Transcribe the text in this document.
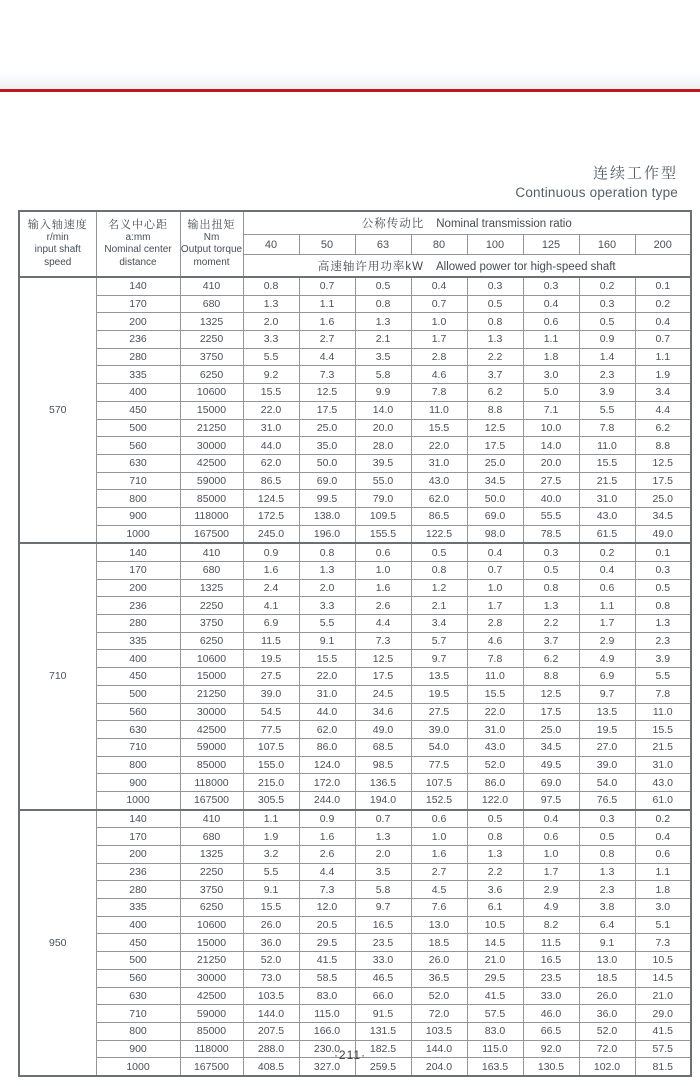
连续工作型
Continuous operation type
输入轴速度
r/min
input shaft
speed

名义中心距
a:mm
Nominal center
distance

输出扭矩
Nm
Output torque
moment
	公称传动比 Nominal transmission ratio
			40	50	63	80	100	125	160	200
			高速轴许用功率kW Allowed power tor high-speed shaft							
570	140	410	0.8	0.7	0.5	0.4	0.3	0.3	0.2	0.1
	170	680	1.3	1.1	0.8	0.7	0.5	0.4	0.3	0.2
	200	1325	2.0	1.6	1.3	1.0	0.8	0.6	0.5	0.4
	236	2250	3.3	2.7	2.1	1.7	1.3	1.1	0.9	0.7
	280	3750	5.5	4.4	3.5	2.8	2.2	1.8	1.4	1.1
	335	6250	9.2	7.3	5.8	4.6	3.7	3.0	2.3	1.9
	400	10600	15.5	12.5	9.9	7.8	6.2	5.0	3.9	3.4
	450	15000	22.0	17.5	14.0	11.0	8.8	7.1	5.5	4.4
	500	21250	31.0	25.0	20.0	15.5	12.5	10.0	7.8	6.2
	560	30000	44.0	35.0	28.0	22.0	17.5	14.0	11.0	8.8
	630	42500	62.0	50.0	39.5	31.0	25.0	20.0	15.5	12.5
	710	59000	86.5	69.0	55.0	43.0	34.5	27.5	21.5	17.5
	800	85000	124.5	99.5	79.0	62.0	50.0	40.0	31.0	25.0
	900	118000	172.5	138.0	109.5	86.5	69.0	55.5	43.0	34.5
	1000	167500	245.0	196.0	155.5	122.5	98.0	78.5	61.5	49.0
710	140	410	0.9	0.8	0.6	0.5	0.4	0.3	0.2	0.1
	170	680	1.6	1.3	1.0	0.8	0.7	0.5	0.4	0.3
	200	1325	2.4	2.0	1.6	1.2	1.0	0.8	0.6	0.5
	236	2250	4.1	3.3	2.6	2.1	1.7	1.3	1.1	0.8
	280	3750	6.9	5.5	4.4	3.4	2.8	2.2	1.7	1.3
	335	6250	11.5	9.1	7.3	5.7	4.6	3.7	2.9	2.3
	400	10600	19.5	15.5	12.5	9.7	7.8	6.2	4.9	3.9
	450	15000	27.5	22.0	17.5	13.5	11.0	8.8	6.9	5.5
	500	21250	39.0	31.0	24.5	19.5	15.5	12.5	9.7	7.8
	560	30000	54.5	44.0	34.6	27.5	22.0	17.5	13.5	11.0
	630	42500	77.5	62.0	49.0	39.0	31.0	25.0	19.5	15.5
	710	59000	107.5	86.0	68.5	54.0	43.0	34.5	27.0	21.5
	800	85000	155.0	124.0	98.5	77.5	52.0	49.5	39.0	31.0
	900	118000	215.0	172.0	136.5	107.5	86.0	69.0	54.0	43.0
	1000	167500	305.5	244.0	194.0	152.5	122.0	97.5	76.5	61.0
950	140	410	1.1	0.9	0.7	0.6	0.5	0.4	0.3	0.2
	170	680	1.9	1.6	1.3	1.0	0.8	0.6	0.5	0.4
	200	1325	3.2	2.6	2.0	1.6	1.3	1.0	0.8	0.6
	236	2250	5.5	4.4	3.5	2.7	2.2	1.7	1.3	1.1
	280	3750	9.1	7.3	5.8	4.5	3.6	2.9	2.3	1.8
	335	6250	15.5	12.0	9.7	7.6	6.1	4.9	3.8	3.0
	400	10600	26.0	20.5	16.5	13.0	10.5	8.2	6.4	5.1
	450	15000	36.0	29.5	23.5	18.5	14.5	11.5	9.1	7.3
	500	21250	52.0	41.5	33.0	26.0	21.0	16.5	13.0	10.5
	560	30000	73.0	58.5	46.5	36.5	29.5	23.5	18.5	14.5
	630	42500	103.5	83.0	66.0	52.0	41.5	33.0	26.0	21.0
	710	59000	144.0	115.0	91.5	72.0	57.5	46.0	36.0	29.0
	800	85000	207.5	166.0	131.5	103.5	83.0	66.5	52.0	41.5
	900	118000	288.0	230.0	182.5	144.0	115.0	92.0	72.0	57.5
	1000	167500	408.5	327.0	259.5	204.0	163.5	130.5	102.0	81.5
·211·
